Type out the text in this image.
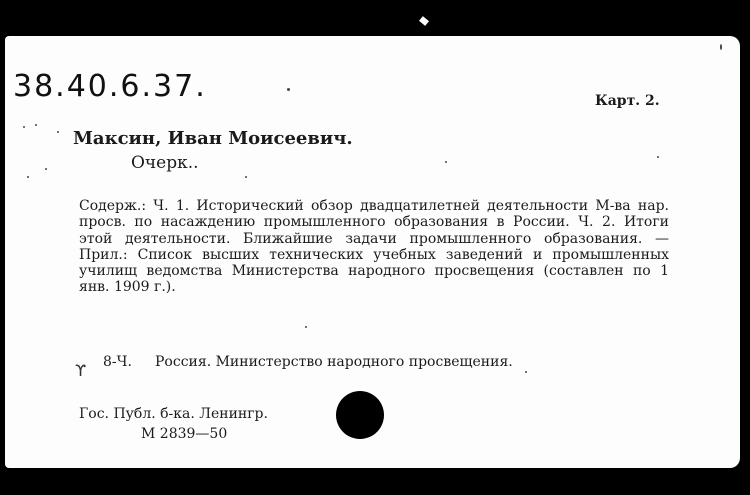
38.40.6.37.	Карт. 2.
Максин, Иван Моисеевич.
Очерк..
Содерж.: Ч. 1. Исторический обзор двадцатилетней деятельности М-ва нар. просв. по насаждению промышленного образования в России. Ч. 2. Итоги этой деятельности. Ближайшие задачи промышленного образования. — Прил.: Список высших технических учебных заведений и промышленных училищ ведомства Министерства народного просвещения (составлен по 1 янв. 1909 г.).
ϒ 8-Ч. Россия. Министерство народного просвещения.
Гос. Публ. б-ка. Ленингр.
М 2839—50
